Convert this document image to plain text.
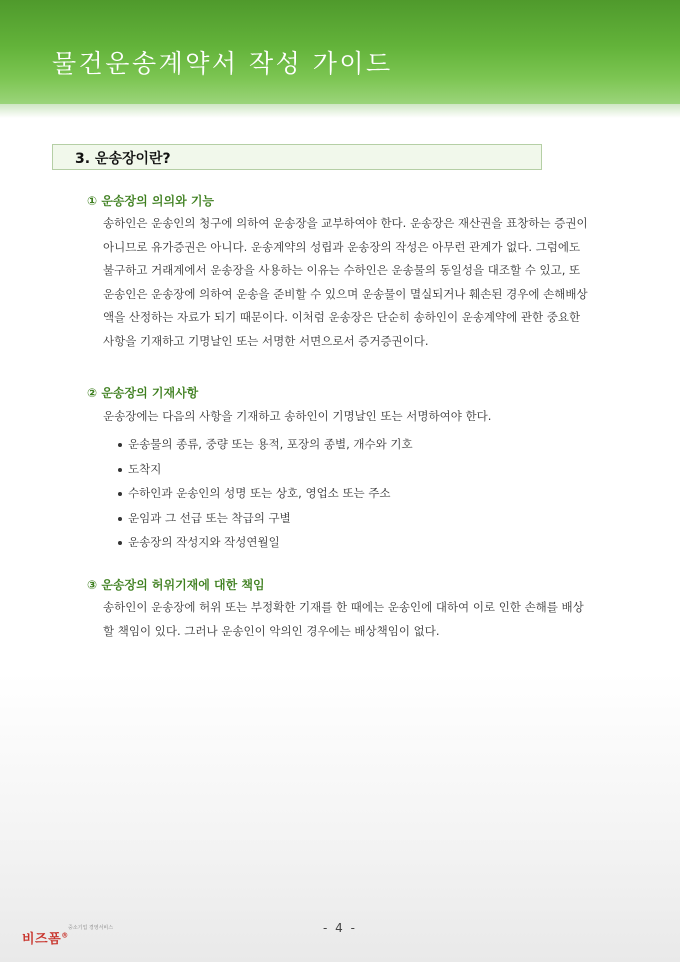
물건운송계약서 작성 가이드
3. 운송장이란?
① 운송장의 의의와 기능
송하인은 운송인의 청구에 의하여 운송장을 교부하여야 한다. 운송장은 재산권을 표창하는 증권이
아니므로 유가증권은 아니다. 운송계약의 성립과 운송장의 작성은 아무런 관계가 없다. 그럼에도
불구하고 거래계에서 운송장을 사용하는 이유는 수하인은 운송물의 동일성을 대조할 수 있고, 또
운송인은 운송장에 의하여 운송을 준비할 수 있으며 운송물이 멸실되거나 훼손된 경우에 손해배상
액을 산정하는 자료가 되기 때문이다. 이처럼 운송장은 단순히 송하인이 운송계약에 관한 중요한
사항을 기재하고 기명날인 또는 서명한 서면으로서 증거증권이다.
② 운송장의 기재사항
운송장에는 다음의 사항을 기재하고 송하인이 기명날인 또는 서명하여야 한다.
운송물의 종류, 중량 또는 용적, 포장의 종별, 개수와 기호
도착지
수하인과 운송인의 성명 또는 상호, 영업소 또는 주소
운임과 그 선급 또는 착급의 구별
운송장의 작성지와 작성연월일
③ 운송장의 허위기재에 대한 책임
송하인이 운송장에 허위 또는 부정확한 기재를 한 때에는 운송인에 대하여 이로 인한 손해를 배상
할 책임이 있다. 그러나 운송인이 악의인 경우에는 배상책임이 없다.
중소기업 경영서비스
비즈폼®
- 4 -
